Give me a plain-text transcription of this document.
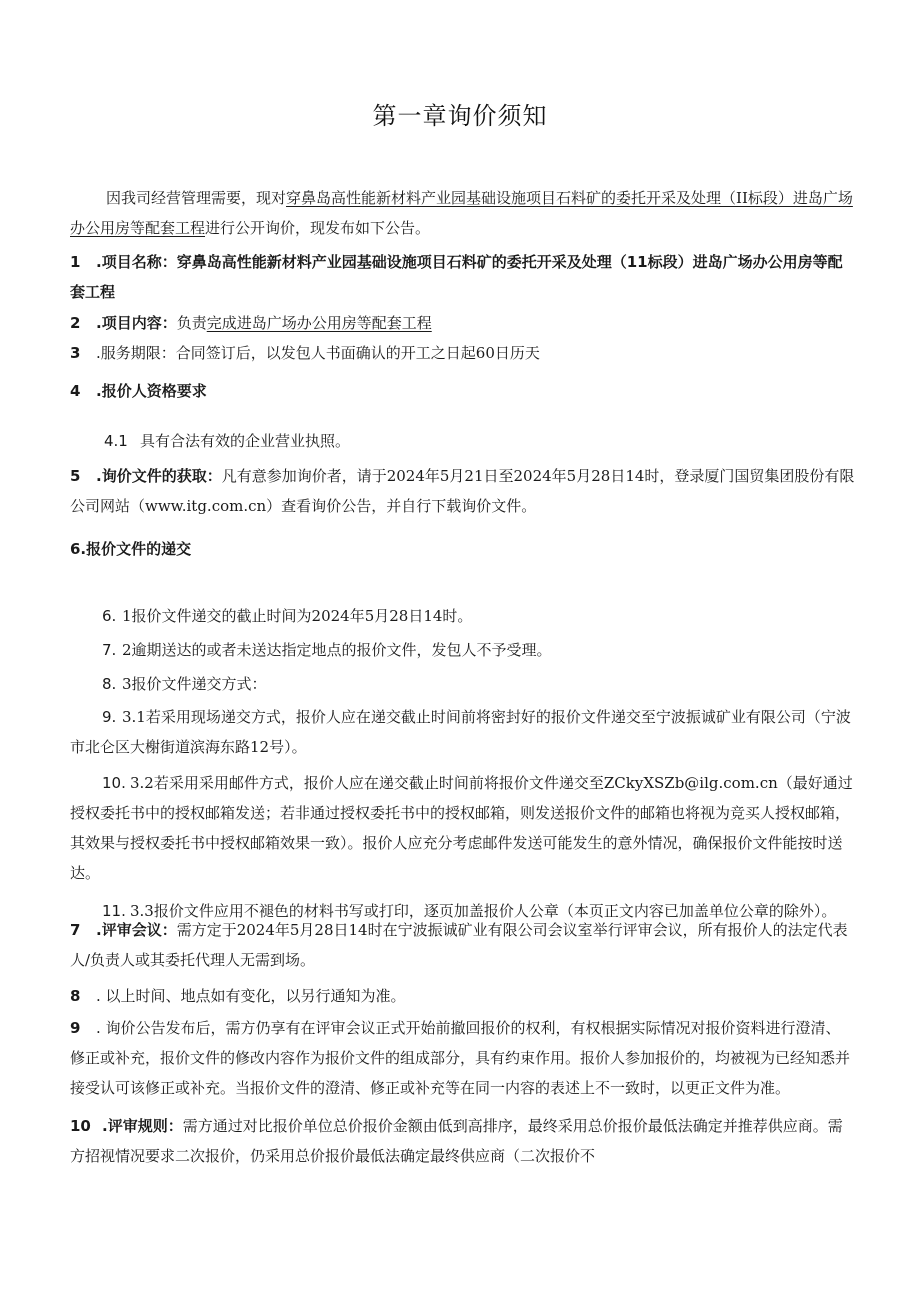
第一章询价须知

因我司经营管理需要，现对穿鼻岛高性能新材料产业园基础设施项目石料矿的委托开采及处理（II标段）进岛广场办公用房等配套工程进行公开询价，现发布如下公告。

1 .项目名称：穿鼻岛高性能新材料产业园基础设施项目石料矿的委托开采及处理（11标段）进岛广场办公用房等配套工程

2 .项目内容：负责完成进岛广场办公用房等配套工程

3 .服务期限：合同签订后，以发包人书面确认的开工之日起60日历天

4 .报价人资格要求

4.1 具有合法有效的企业营业执照。

5 .询价文件的获取：凡有意参加询价者，请于2024年5月21日至2024年5月28日14时，登录厦门国贸集团股份有限公司网站（www.itg.com.cn）查看询价公告，并自行下载询价文件。

6.报价文件的递交

6. 1报价文件递交的截止时间为2024年5月28日14时。

7. 2逾期送达的或者未送达指定地点的报价文件，发包人不予受理。

8. 3报价文件递交方式：

9. 3.1若采用现场递交方式，报价人应在递交截止时间前将密封好的报价文件递交至宁波振诚矿业有限公司（宁波市北仑区大榭街道滨海东路12号）。

10. 3.2若采用采用邮件方式，报价人应在递交截止时间前将报价文件递交至ZCkyXSZb@ilg.com.cn（最好通过授权委托书中的授权邮箱发送；若非通过授权委托书中的授权邮箱，则发送报价文件的邮箱也将视为竞买人授权邮箱，其效果与授权委托书中授权邮箱效果一致）。报价人应充分考虑邮件发送可能发生的意外情况，确保报价文件能按时送达。

11. 3.3报价文件应用不褪色的材料书写或打印，逐页加盖报价人公章（本页正文内容已加盖单位公章的除外）。

7 .评审会议：需方定于2024年5月28日14时在宁波振诚矿业有限公司会议室举行评审会议，所有报价人的法定代表人/负责人或其委托代理人无需到场。

8 . 以上时间、地点如有变化，以另行通知为准。

9 . 询价公告发布后，需方仍享有在评审会议正式开始前撤回报价的权利，有权根据实际情况对报价资料进行澄清、修正或补充，报价文件的修改内容作为报价文件的组成部分，具有约束作用。报价人参加报价的，均被视为已经知悉并接受认可该修正或补充。当报价文件的澄清、修正或补充等在同一内容的表述上不一致时，以更正文件为准。

10 .评审规则：需方通过对比报价单位总价报价金额由低到高排序，最终采用总价报价最低法确定并推荐供应商。需方招视情况要求二次报价，仍采用总价报价最低法确定最终供应商（二次报价不
